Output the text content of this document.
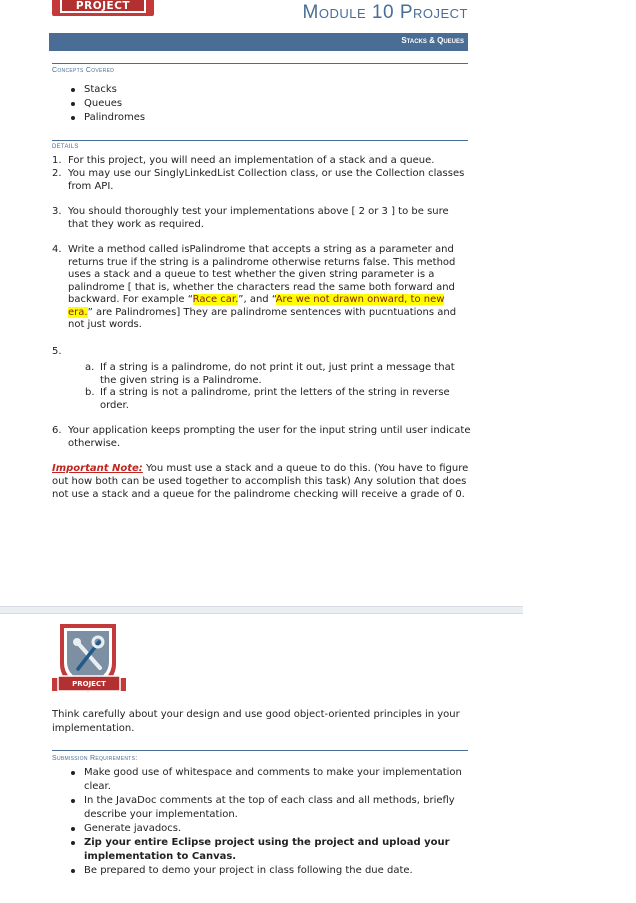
PROJECT	Module 10 Project
Stacks & Queues
Concepts Covered
Stacks
Queues
Palindromes
DETAILS
1. For this project, you will need an implementation of a stack and a queue.
2. You may use our SinglyLinkedList Collection class, or use the Collection classes from API.
3. You should thoroughly test your implementations above [ 2 or 3 ] to be sure that they work as required.
4. Write a method called isPalindrome that accepts a string as a parameter and returns true if the string is a palindrome otherwise returns false. This method uses a stack and a queue to test whether the given string parameter is a palindrome [ that is, whether the characters read the same both forward and backward. For example “Race car.”, and “Are we not drawn onward, to new era.” are Palindromes] They are palindrome sentences with pucntuations and not just words.
5.
a. If a string is a palindrome, do not print it out, just print a message that the given string is a Palindrome.
b. If a string is not a palindrome, print the letters of the string in reverse order.
6. Your application keeps prompting the user for the input string until user indicate otherwise.
Important Note: You must use a stack and a queue to do this. (You have to figure out how both can be used together to accomplish this task) Any solution that does not use a stack and a queue for the palindrome checking will receive a grade of 0.
PROJECT
Think carefully about your design and use good object-oriented principles in your implementation.
Submission Requirements:
Make good use of whitespace and comments to make your implementation clear.
In the JavaDoc comments at the top of each class and all methods, briefly describe your implementation.
Generate javadocs.
Zip your entire Eclipse project using the project and upload your implementation to Canvas.
Be prepared to demo your project in class following the due date.
